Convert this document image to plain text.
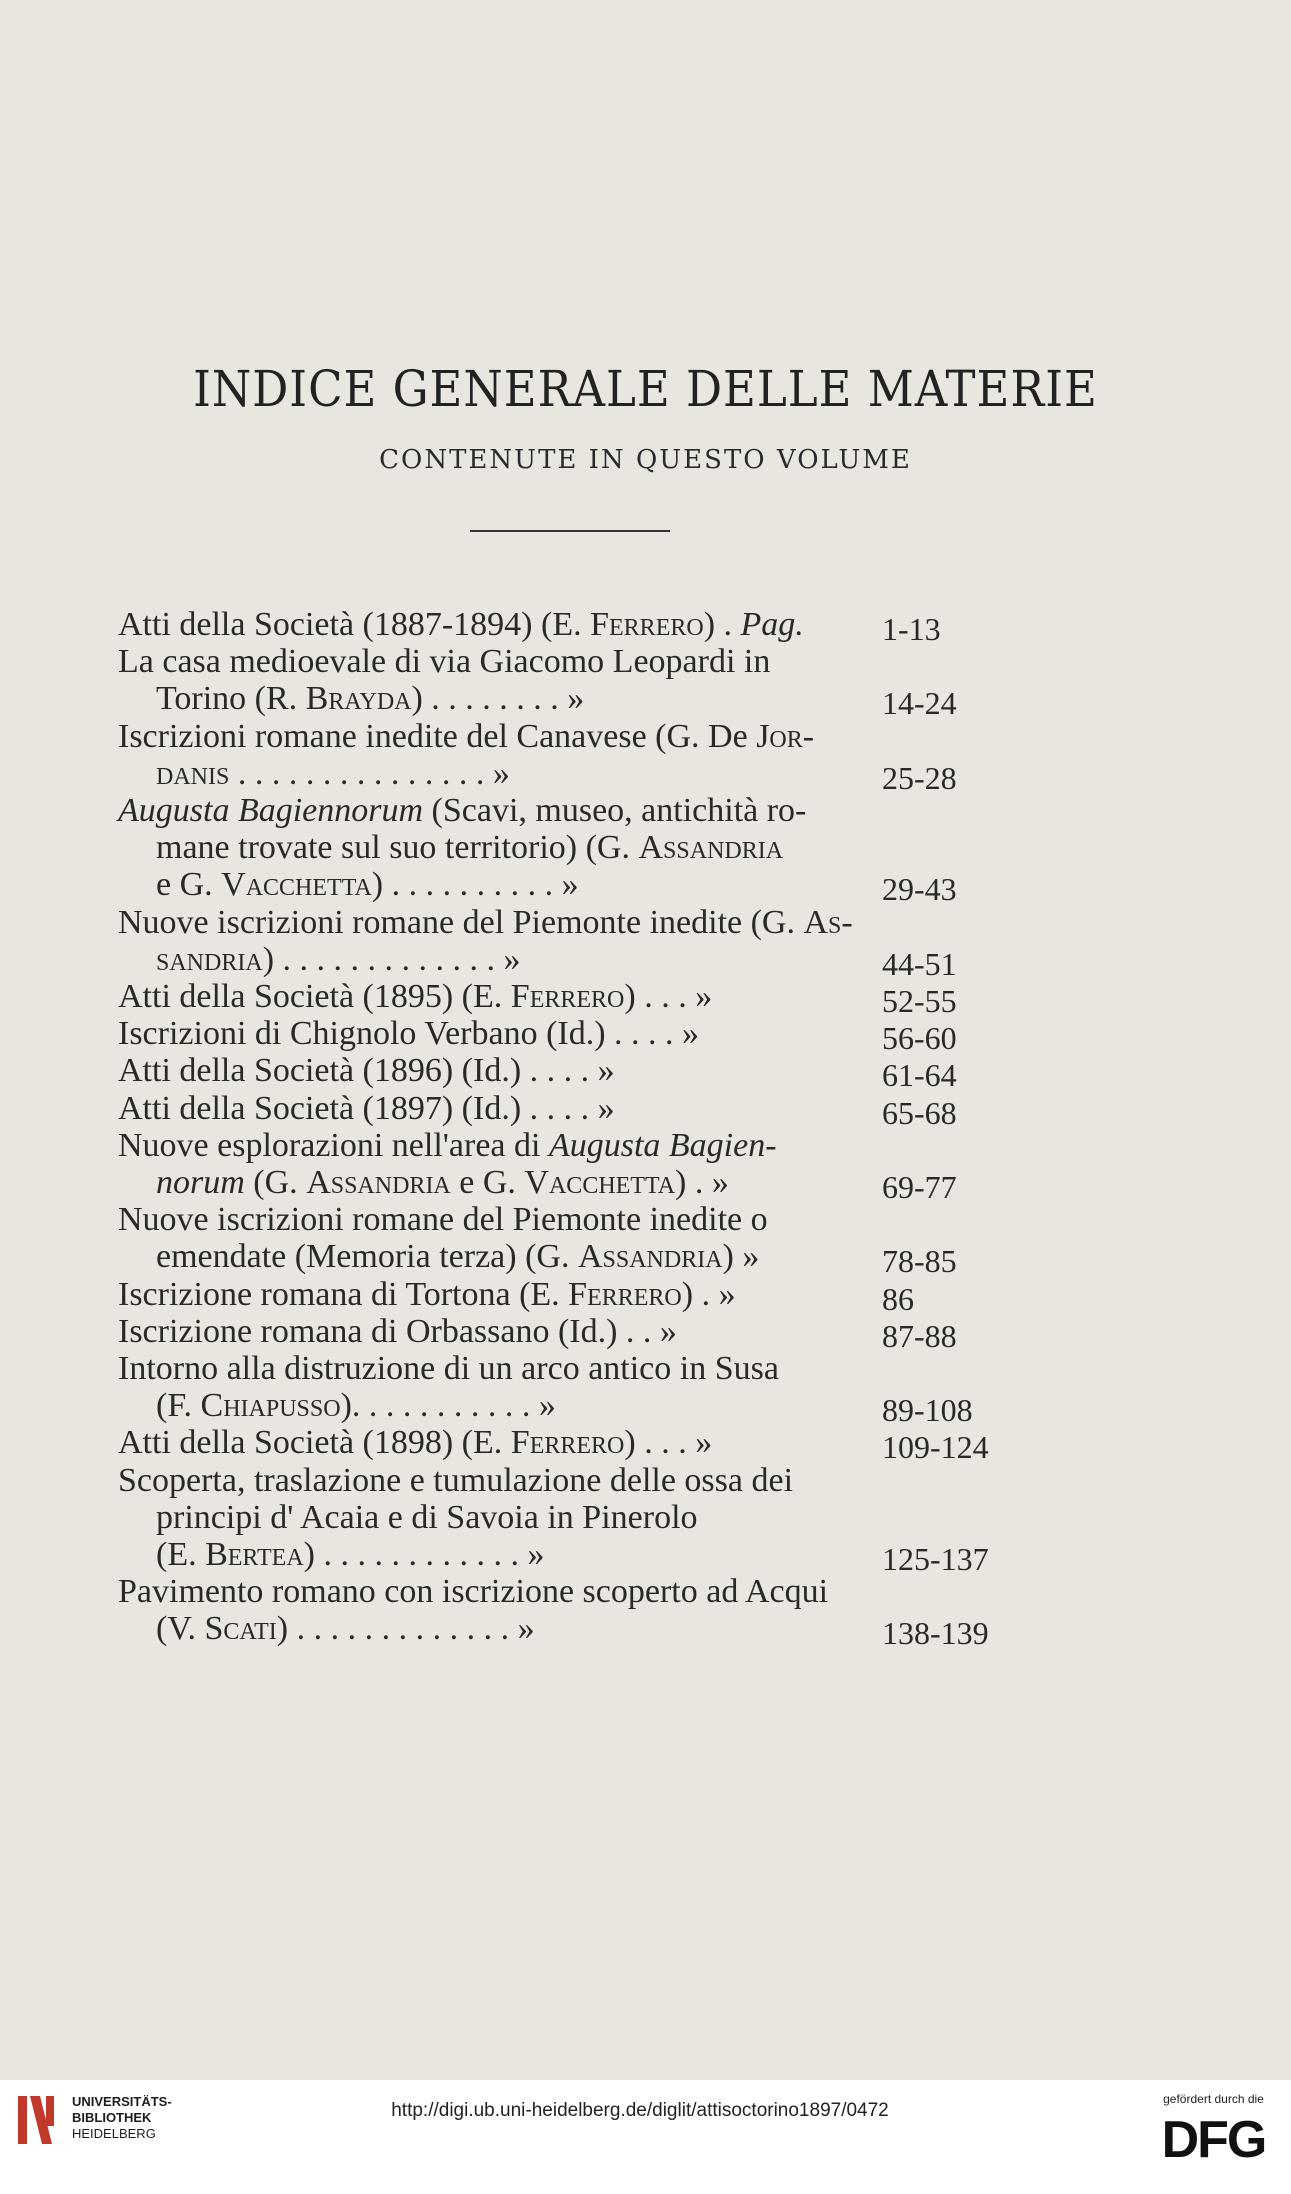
INDICE GENERALE DELLE MATERIE
CONTENUTE IN QUESTO VOLUME
Atti della Società (1887-1894) (E. Ferrero) . Pag. 1-13
La casa medioevale di via Giacomo Leopardi in
Torino (R. Brayda) . . . . . . . . »	14-24
Iscrizioni romane inedite del Canavese (G. De Jor-
danis . . . . . . . . . . . . . . . »	25-28
Augusta Bagiennorum (Scavi, museo, antichità ro-
mane trovate sul suo territorio) (G. Assandria
e G. Vacchetta) . . . . . . . . . . »	29-43
Nuove iscrizioni romane del Piemonte inedite (G. As-
sandria) . . . . . . . . . . . . . »	44-51
Atti della Società (1895) (E. Ferrero) . . . »	52-55
Iscrizioni di Chignolo Verbano (Id.) . . . . »	56-60
Atti della Società (1896) (Id.) . . . . »	61-64
Atti della Società (1897) (Id.) . . . . »	65-68
Nuove esplorazioni nell'area di Augusta Bagien-
norum (G. Assandria e G. Vacchetta) . »	69-77
Nuove iscrizioni romane del Piemonte inedite o
emendate (Memoria terza) (G. Assandria) »	78-85
Iscrizione romana di Tortona (E. Ferrero) . »	86
Iscrizione romana di Orbassano (Id.) . . »	87-88
Intorno alla distruzione di un arco antico in Susa
(F. Chiapusso). . . . . . . . . . . »	89-108
Atti della Società (1898) (E. Ferrero) . . . »	109-124
Scoperta, traslazione e tumulazione delle ossa dei
principi d' Acaia e di Savoia in Pinerolo
(E. Bertea) . . . . . . . . . . . . »	125-137
Pavimento romano con iscrizione scoperto ad Acqui
(V. Scati) . . . . . . . . . . . . . »	138-139
UNIVERSITÄTS-
BIBLIOTHEK
HEIDELBERG
http://digi.ub.uni-heidelberg.de/diglit/attisoctorino1897/0472
gefördert durch die
DFG
